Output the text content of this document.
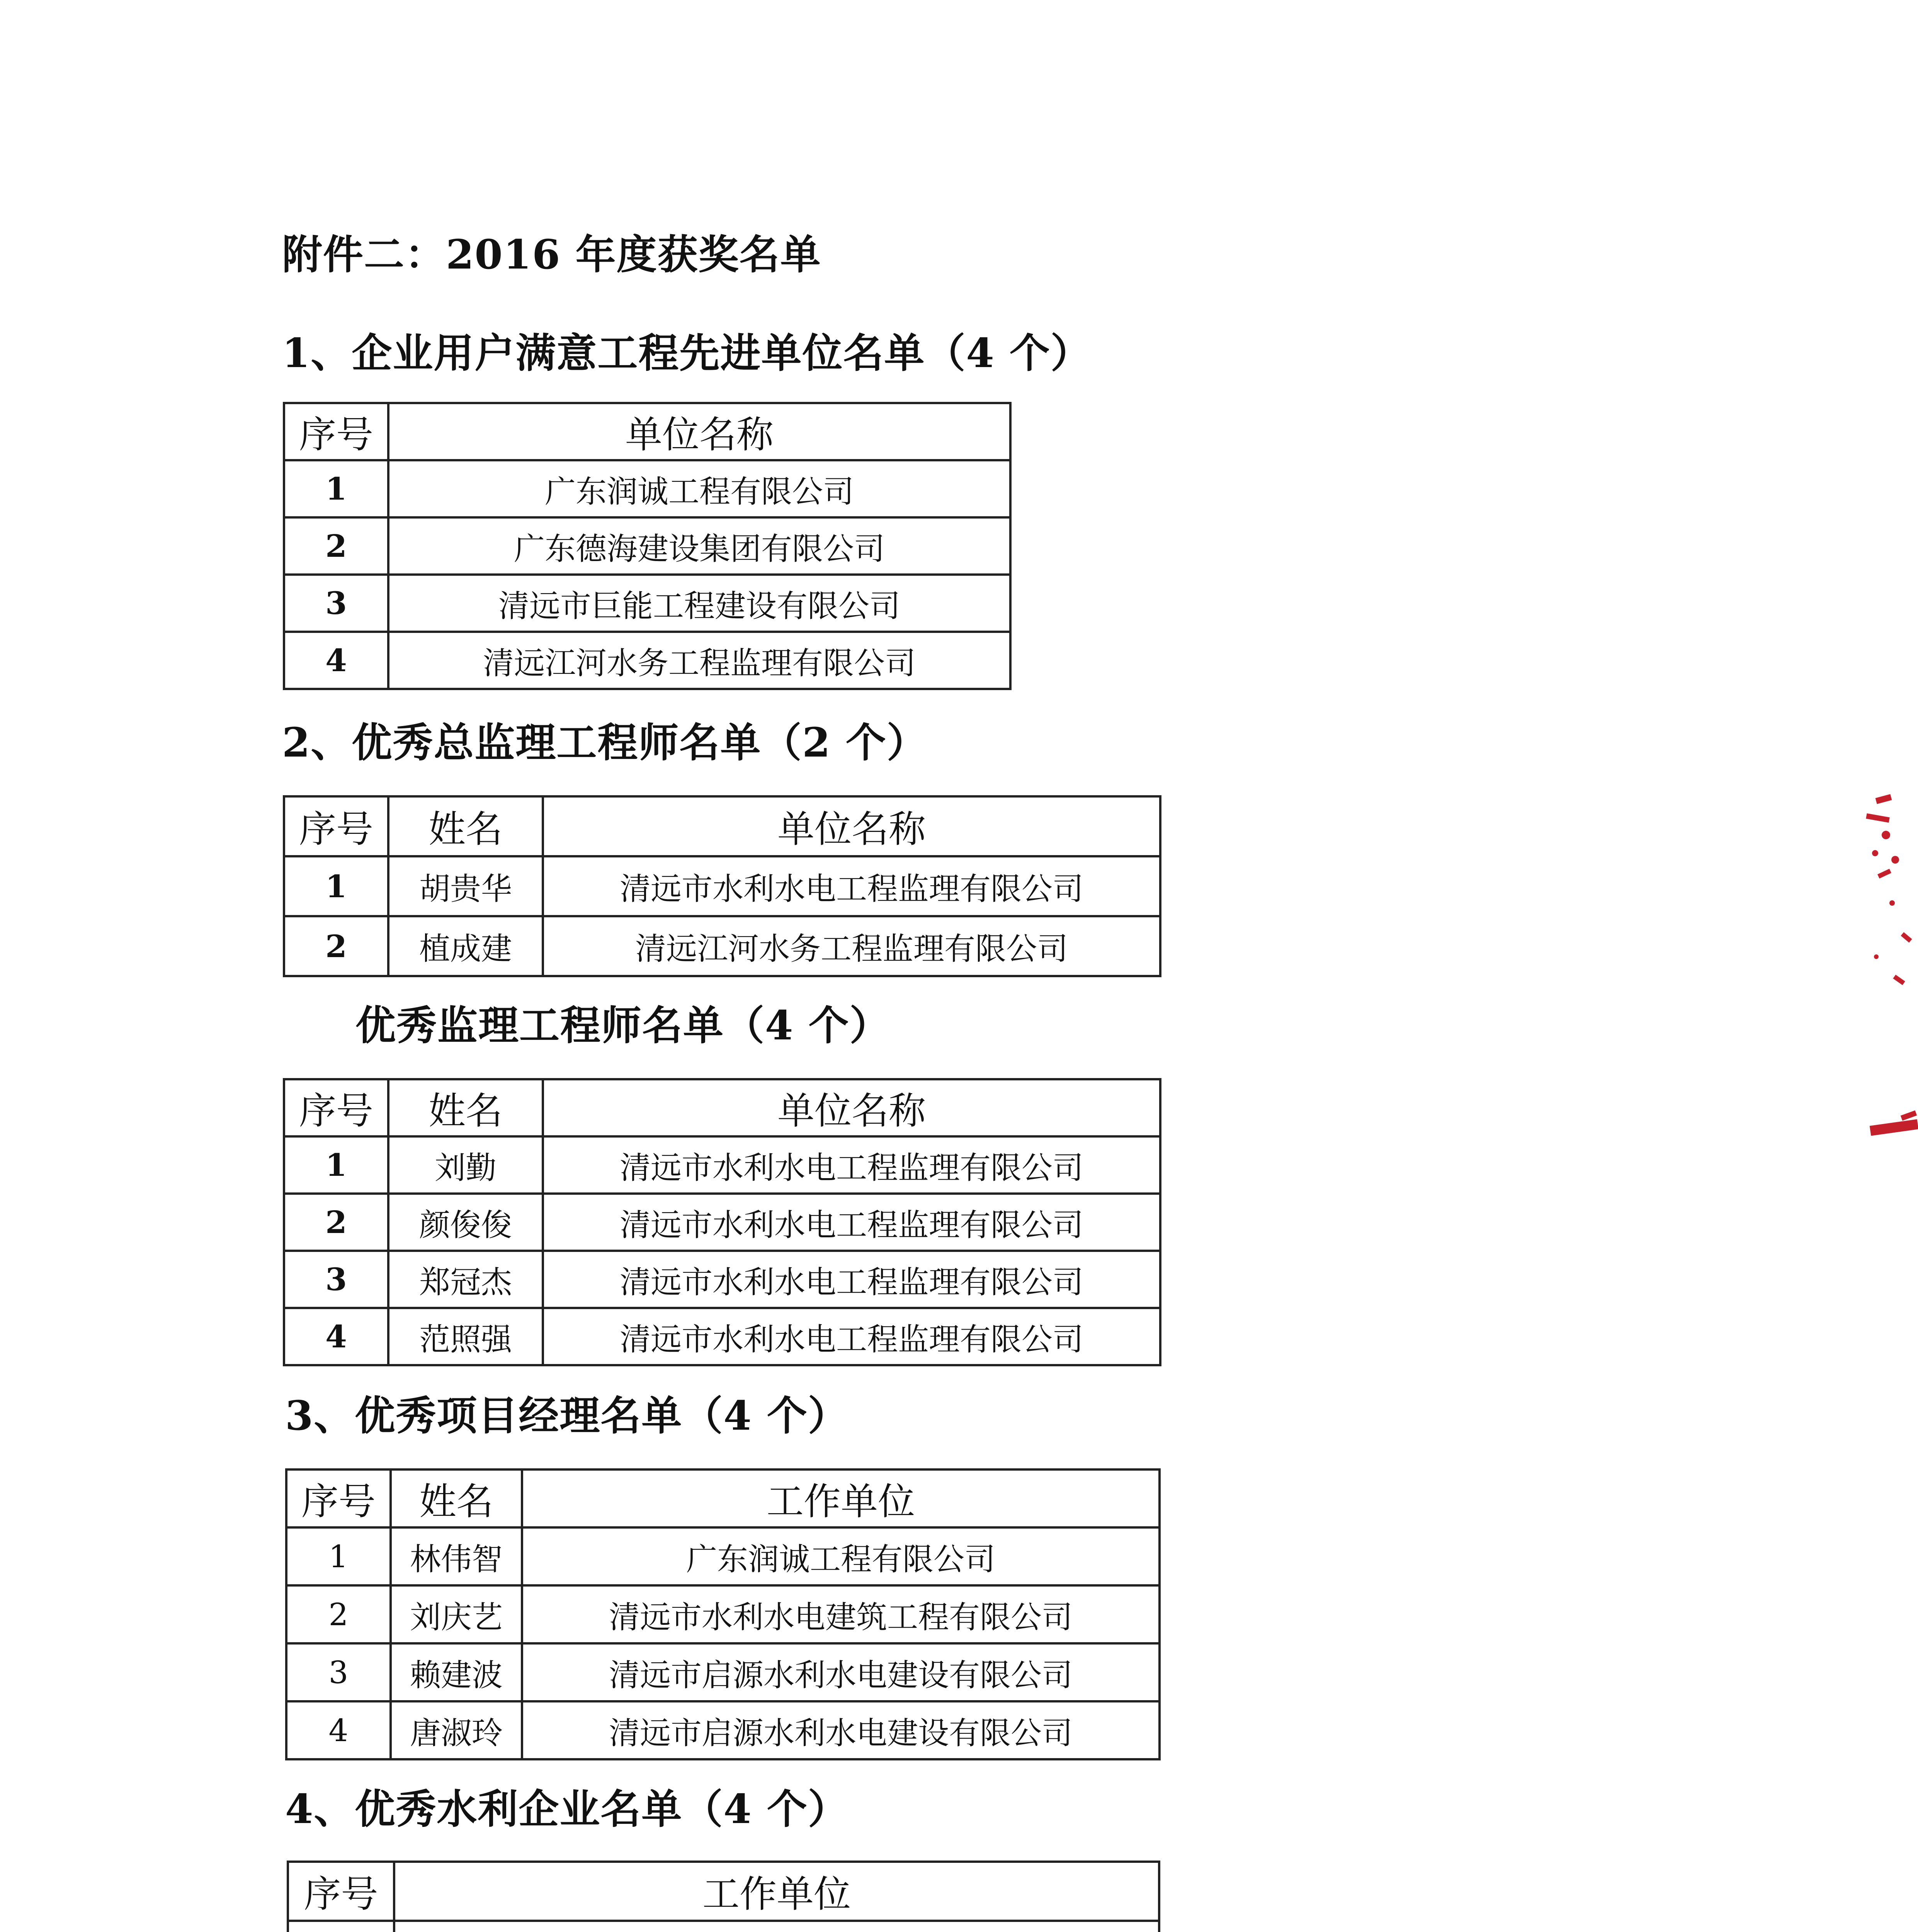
附件二：2016 年度获奖名单
1、企业用户满意工程先进单位名单（4 个）
序号	单位名称
1	广东润诚工程有限公司
2	广东德海建设集团有限公司
3	清远市巨能工程建设有限公司
4	清远江河水务工程监理有限公司
2、优秀总监理工程师名单（2 个）
序号	姓名	单位名称
1	胡贵华	清远市水利水电工程监理有限公司
2	植成建	清远江河水务工程监理有限公司
优秀监理工程师名单（4 个）
序号	姓名	单位名称
1	刘勤	清远市水利水电工程监理有限公司
2	颜俊俊	清远市水利水电工程监理有限公司
3	郑冠杰	清远市水利水电工程监理有限公司
4	范照强	清远市水利水电工程监理有限公司
3、优秀项目经理名单（4 个）
序号	姓名	工作单位
1	林伟智	广东润诚工程有限公司
2	刘庆艺	清远市水利水电建筑工程有限公司
3	赖建波	清远市启源水利水电建设有限公司
4	唐淑玲	清远市启源水利水电建设有限公司
4、优秀水利企业名单（4 个）
序号	工作单位
